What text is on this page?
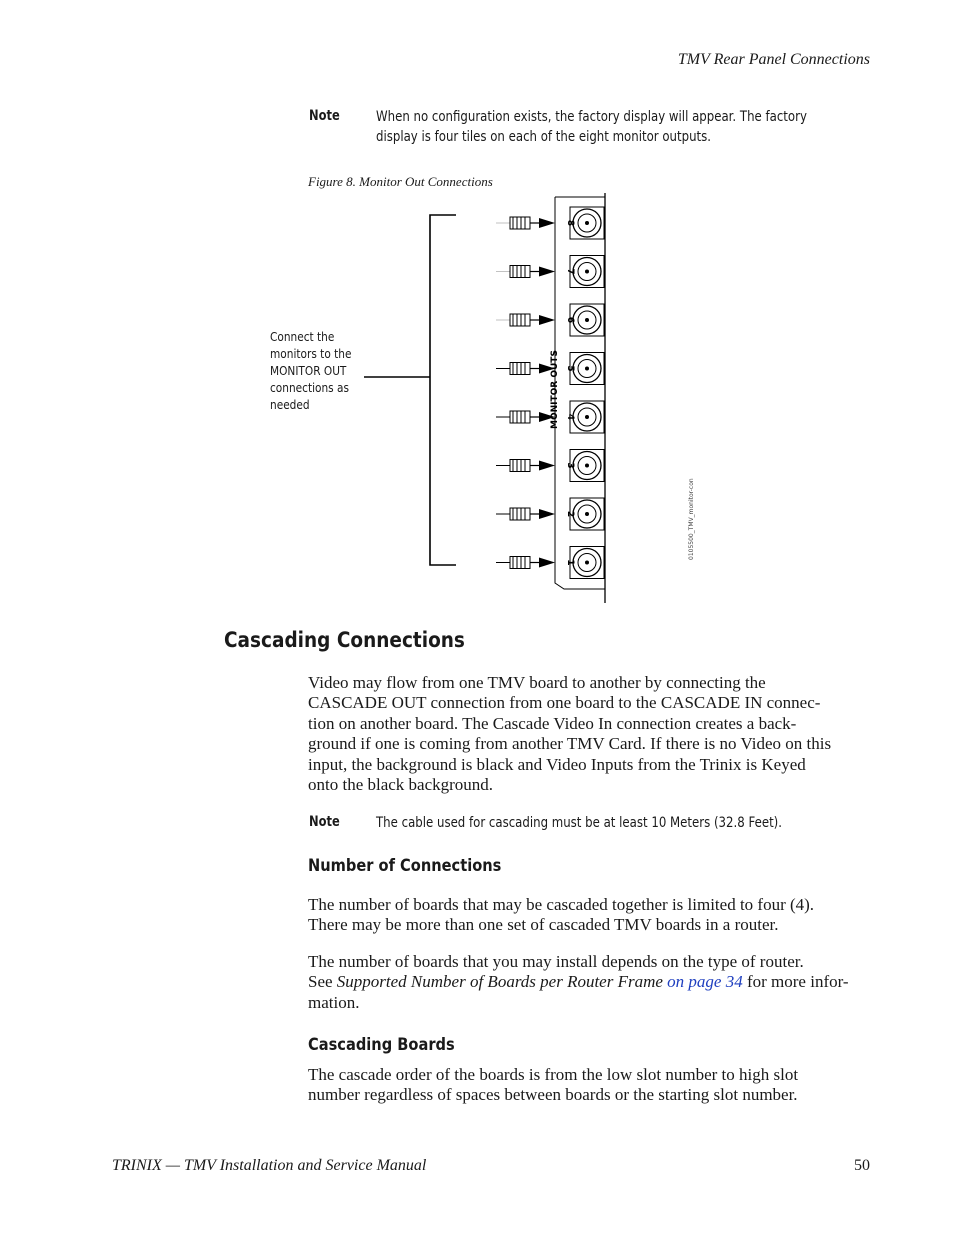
TMV Rear Panel Connections
Note	When no configuration exists, the factory display will appear. The factory
display is four tiles on each of the eight monitor outputs.
Figure 8. Monitor Out Connections
Connect the
monitors to the
MONITOR OUT
connections as
needed
8
7
6
5
4
3
2
1
MONITOR OUTS
0105500_TMV_monitor-con
Cascading Connections

Video may flow from one TMV board to another by connecting the

CASCADE OUT connection from one board to the CASCADE IN connec-

tion on another board. The Cascade Video In connection creates a back-

ground if one is coming from another TMV Card. If there is no Video on this

input, the background is black and Video Inputs from the Trinix is Keyed

onto the black background.

Note	The cable used for cascading must be at least 10 Meters (32.8 Feet).
Number of Connections

The number of boards that may be cascaded together is limited to four (4).

There may be more than one set of cascaded TMV boards in a router.

The number of boards that you may install depends on the type of router.

See Supported Number of Boards per Router Frame on page 34 for more infor-

mation.

Cascading Boards

The cascade order of the boards is from the low slot number to high slot

number regardless of spaces between boards or the starting slot number.

TRINIX — TMV Installation and Service Manual	50
